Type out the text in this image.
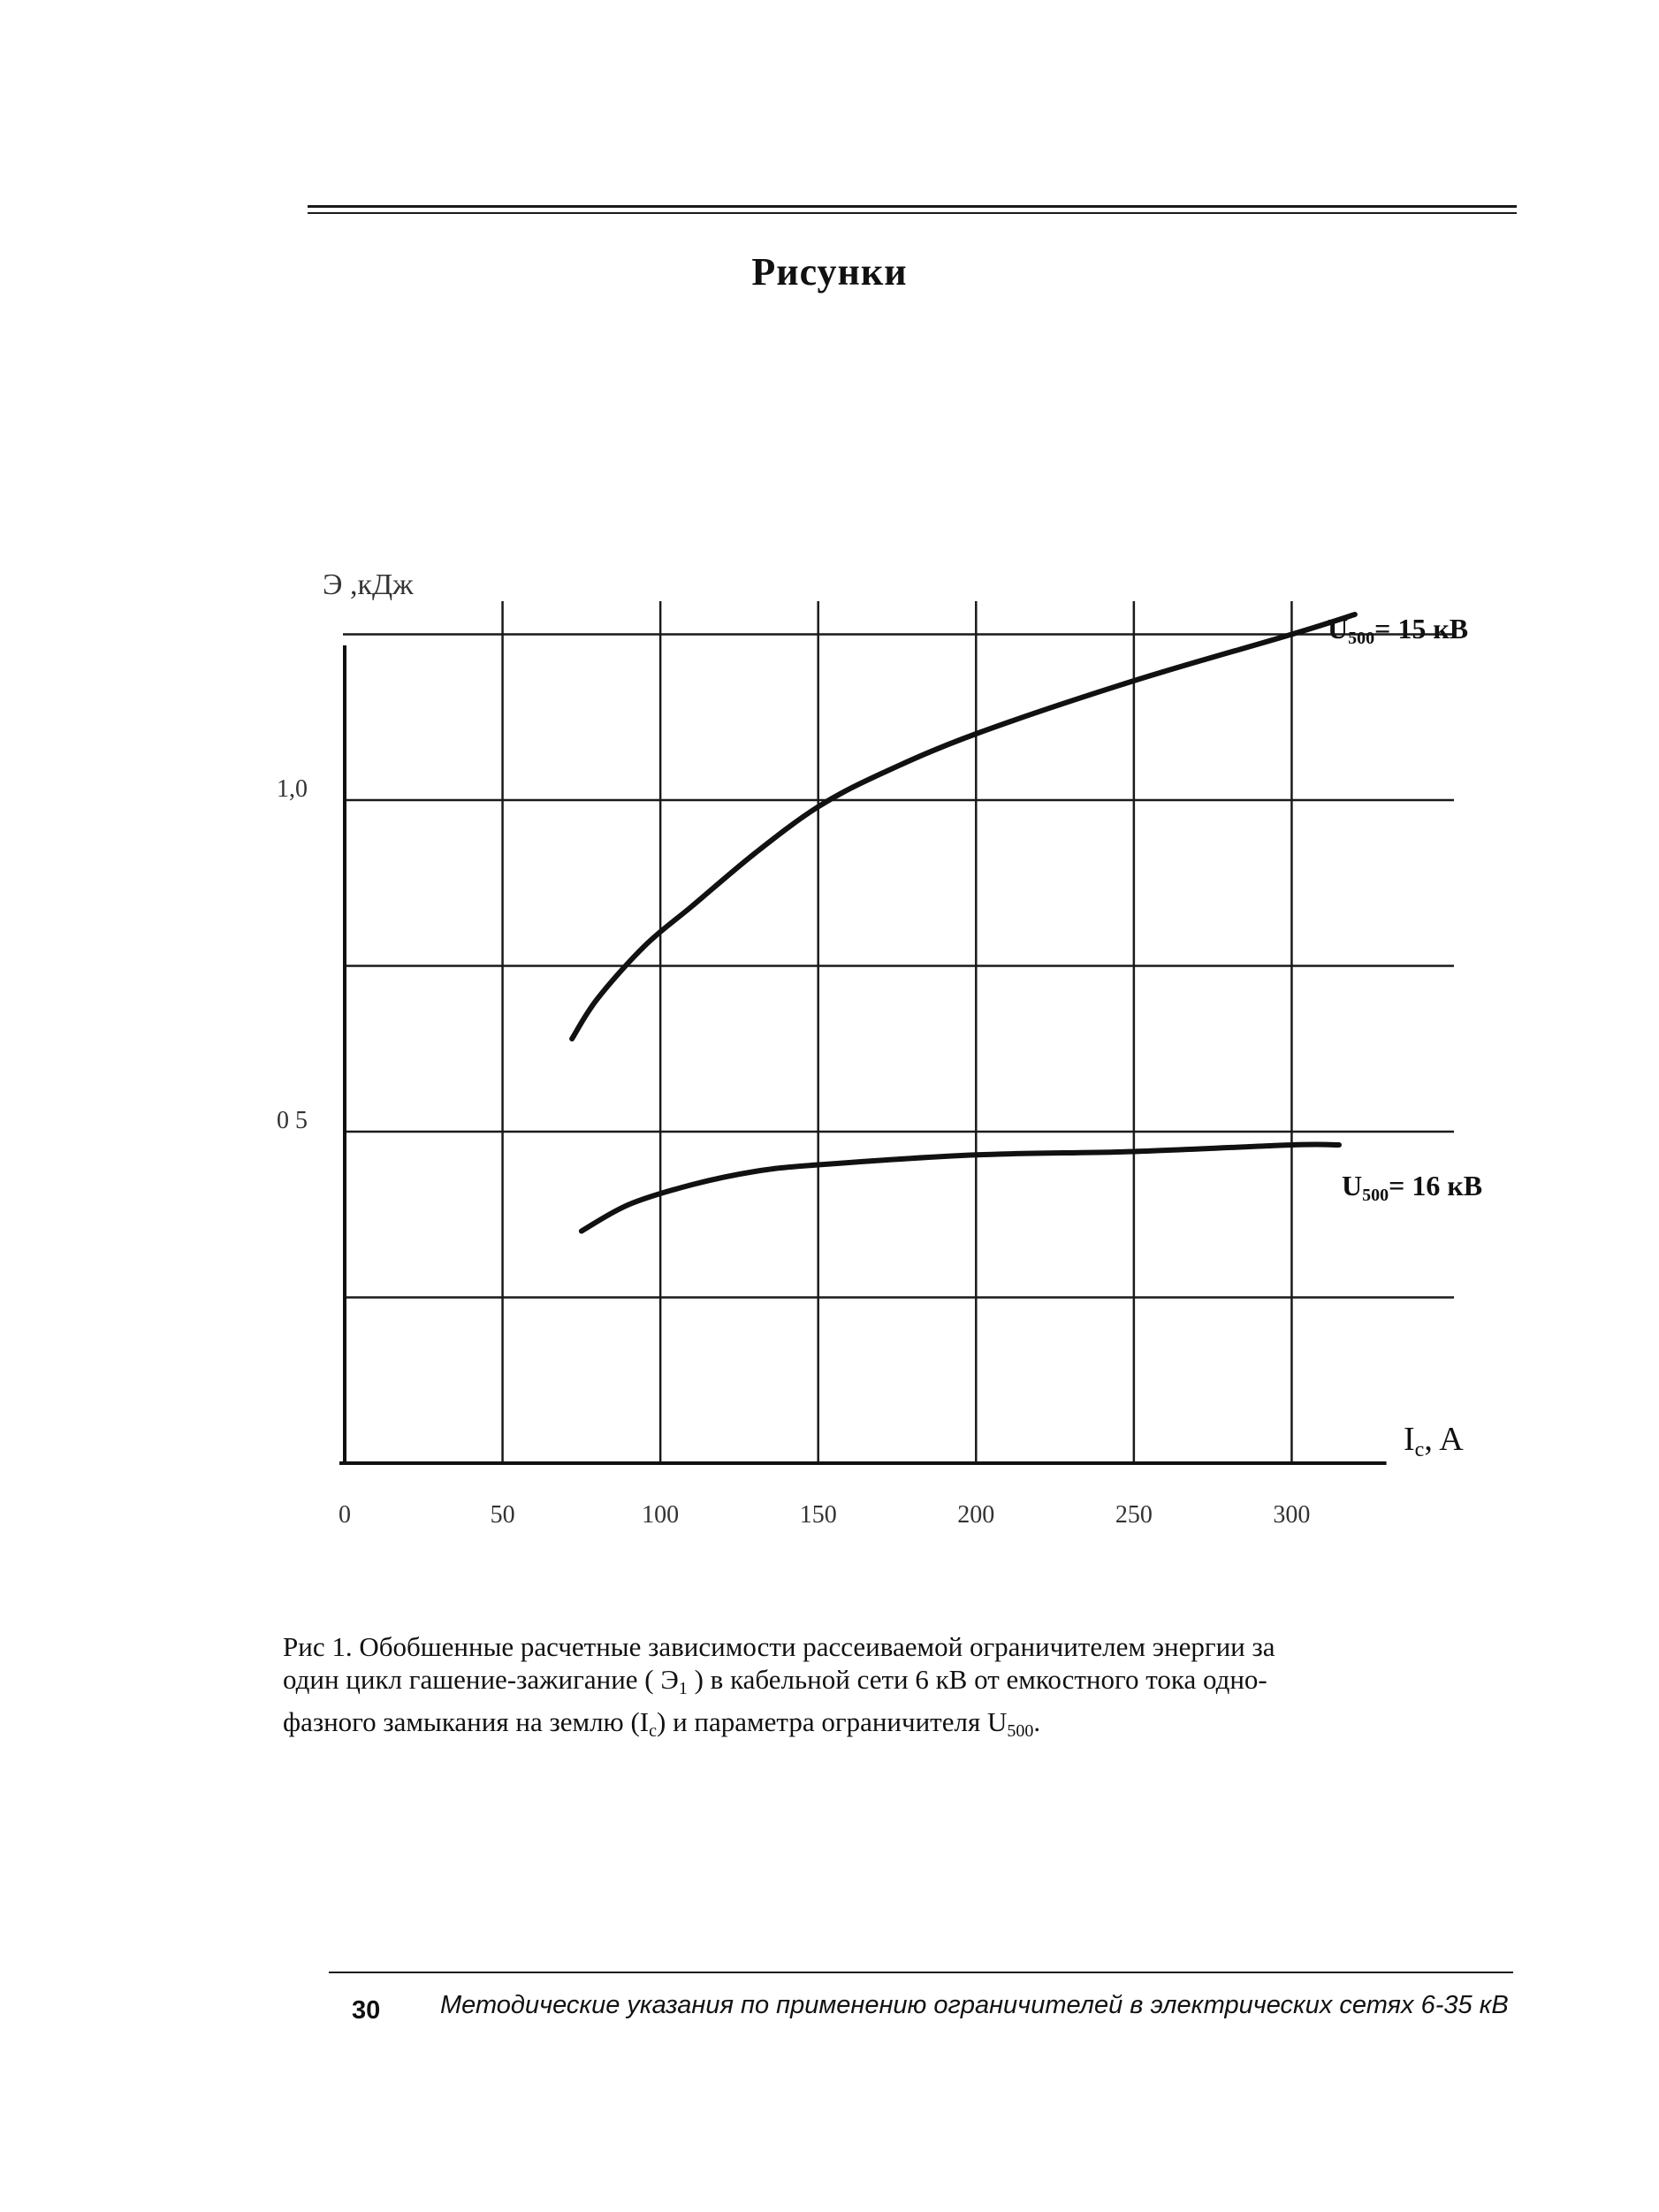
Рисунки
0	50	100	150	200	250	300
0 5
1,0
Э ,кДж
Ic, A
U500= 15 кВ
U500= 16 кВ
Рис 1. Обобшенные расчетные зависимости рассеиваемой ограничителем энергии за
один цикл гашение-зажигание ( $Э_1$ ) в кабельной сети 6 кВ от емкостного тока одно-
фазного замыкания на землю $(I_с)$ и параметра ограничителя $U_{500}$.
30 Методические указания по применению ограничителей в электрических сетях 6-35 кВ
